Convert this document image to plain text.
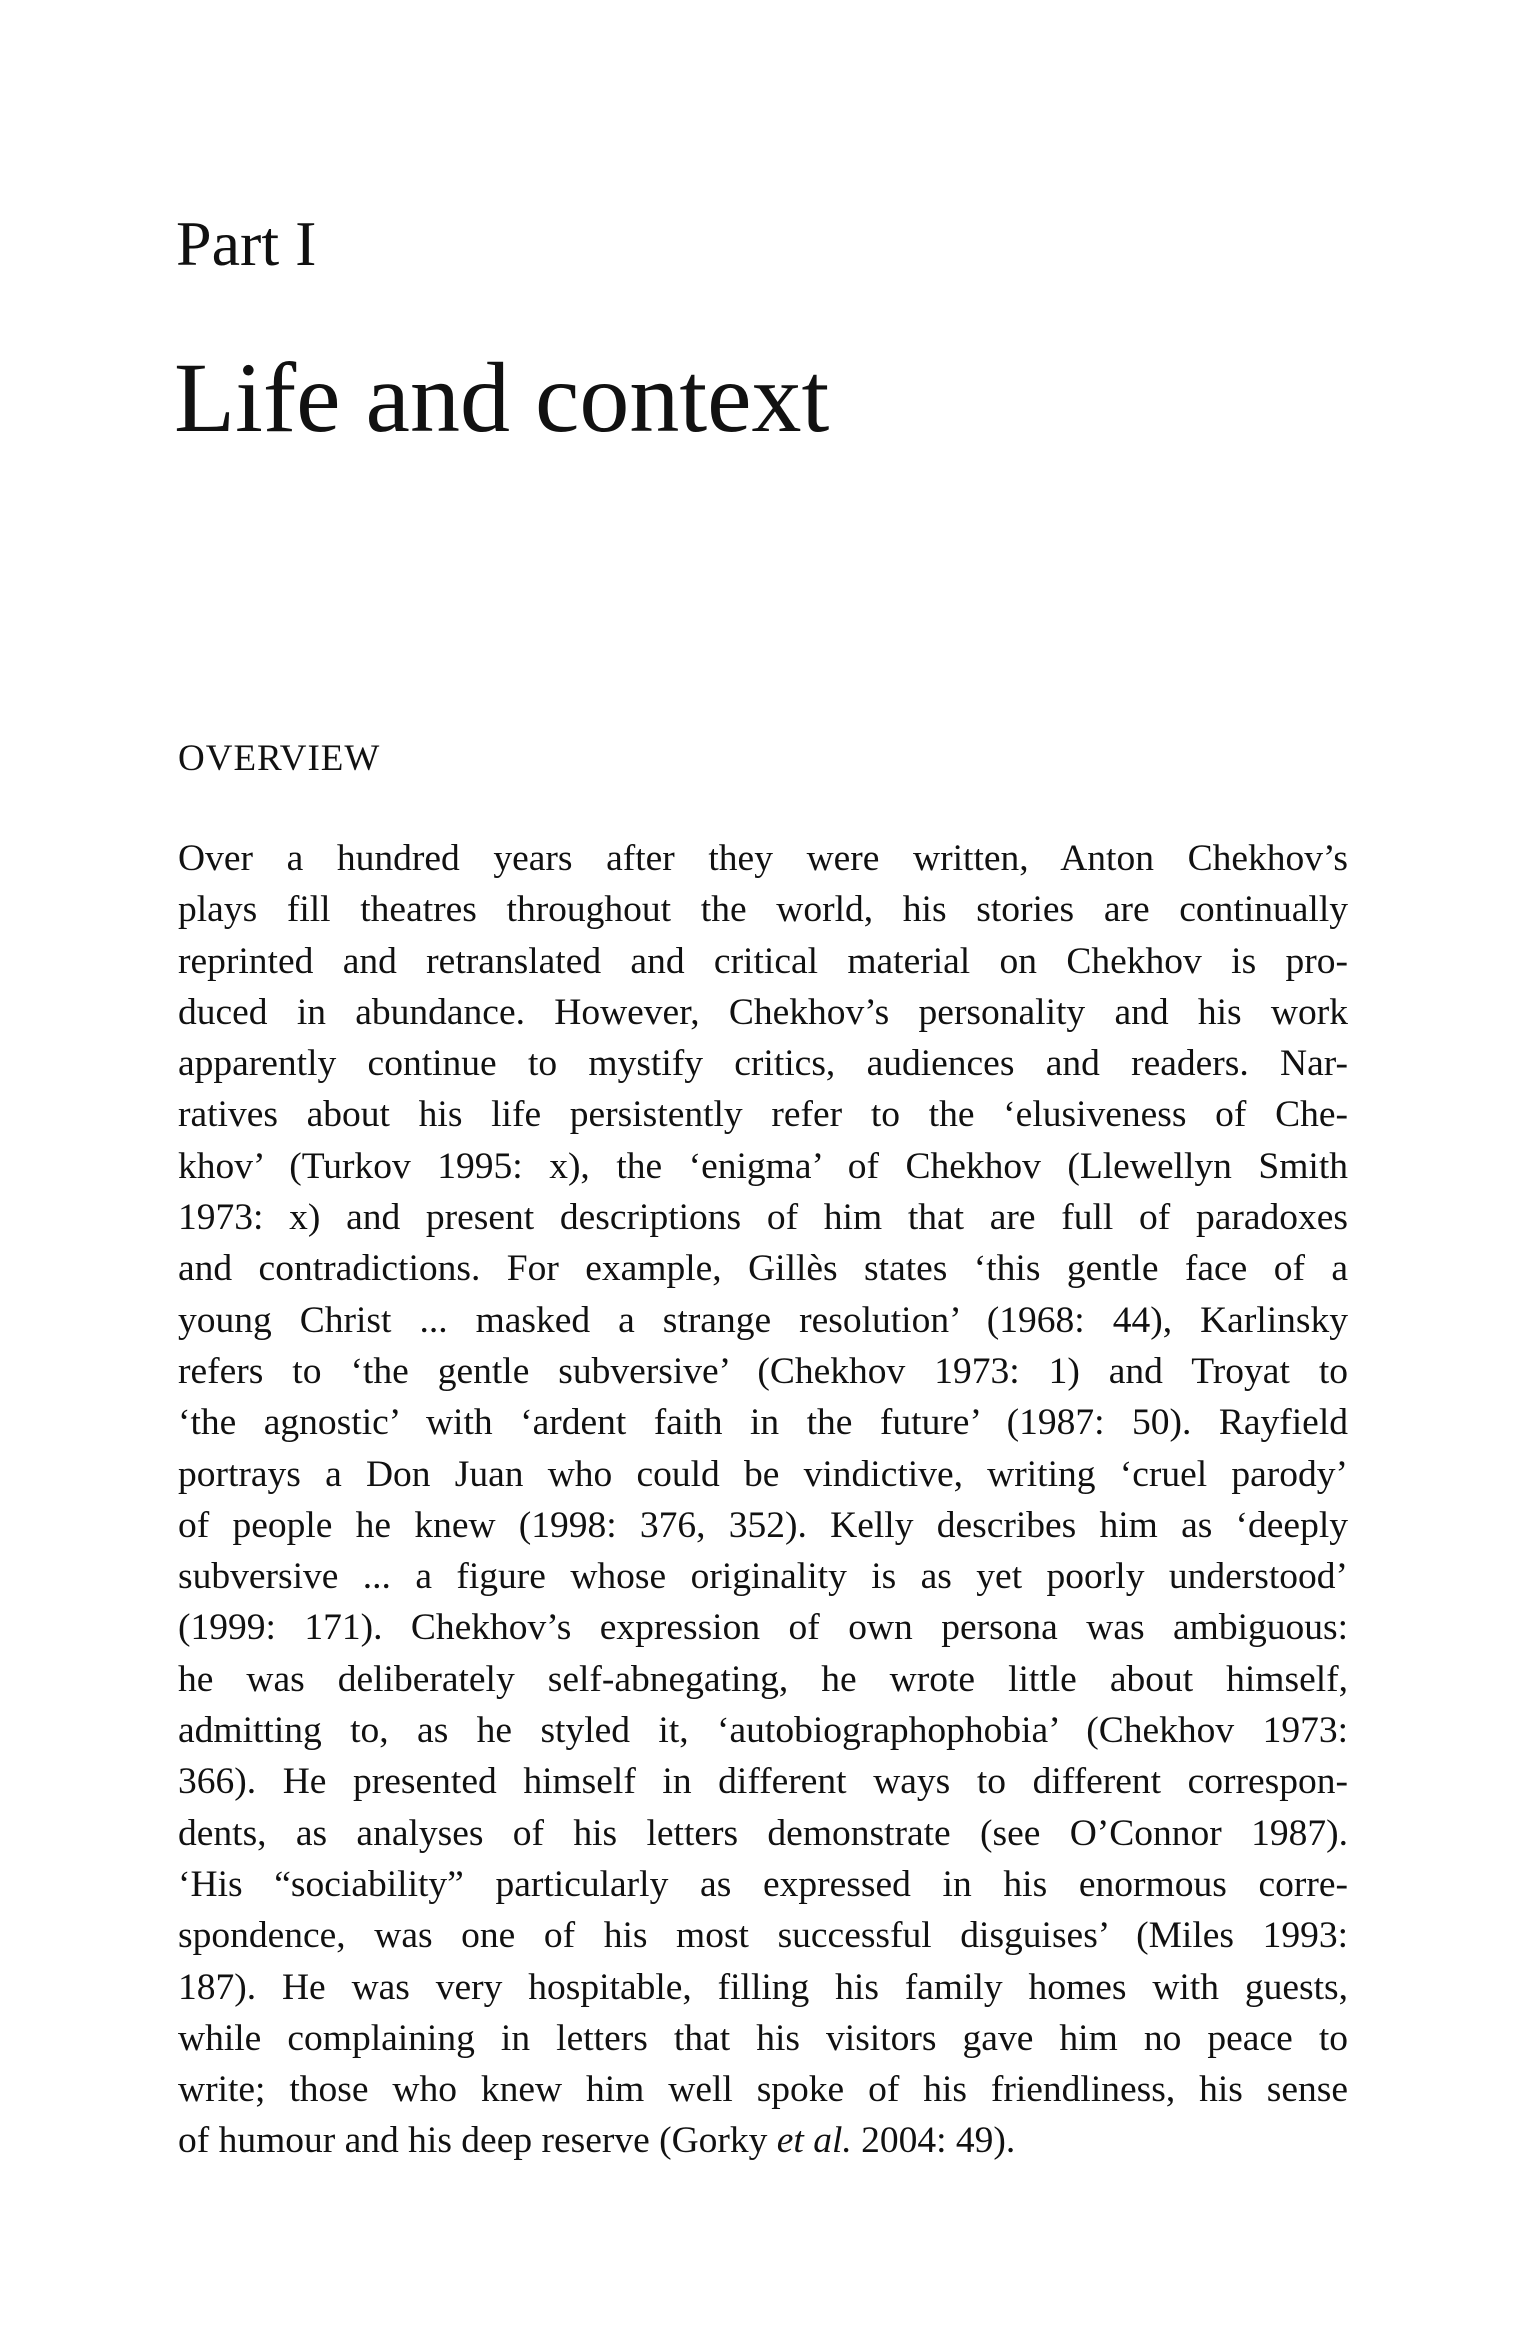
Part I
Life and context
OVERVIEW
Over a hundred years after they were written, Anton Chekhov’s
plays fill theatres throughout the world, his stories are continually
reprinted and retranslated and critical material on Chekhov is pro-
duced in abundance. However, Chekhov’s personality and his work
apparently continue to mystify critics, audiences and readers. Nar-
ratives about his life persistently refer to the ‘elusiveness of Che-
khov’ (Turkov 1995: x), the ‘enigma’ of Chekhov (Llewellyn Smith
1973: x) and present descriptions of him that are full of paradoxes
and contradictions. For example, Gillès states ‘this gentle face of a
young Christ ... masked a strange resolution’ (1968: 44), Karlinsky
refers to ‘the gentle subversive’ (Chekhov 1973: 1) and Troyat to
‘the agnostic’ with ‘ardent faith in the future’ (1987: 50). Rayfield
portrays a Don Juan who could be vindictive, writing ‘cruel parody’
of people he knew (1998: 376, 352). Kelly describes him as ‘deeply
subversive ... a figure whose originality is as yet poorly understood’
(1999: 171). Chekhov’s expression of own persona was ambiguous:
he was deliberately self-abnegating, he wrote little about himself,
admitting to, as he styled it, ‘autobiographophobia’ (Chekhov 1973:
366). He presented himself in different ways to different correspon-
dents, as analyses of his letters demonstrate (see O’Connor 1987).
‘His “sociability” particularly as expressed in his enormous corre-
spondence, was one of his most successful disguises’ (Miles 1993:
187). He was very hospitable, filling his family homes with guests,
while complaining in letters that his visitors gave him no peace to
write; those who knew him well spoke of his friendliness, his sense
of humour and his deep reserve (Gorky et al. 2004: 49).
